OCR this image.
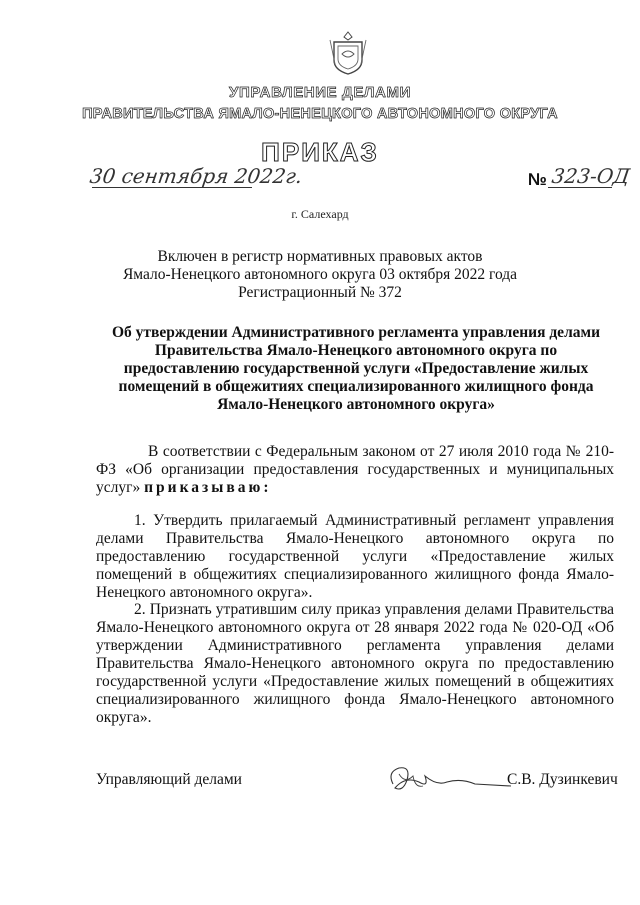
УПРАВЛЕНИЕ ДЕЛАМИ
ПРАВИТЕЛЬСТВА ЯМАЛО-НЕНЕЦКОГО АВТОНОМНОГО ОКРУГА
ПРИКАЗ
30 сентября 2022г.	№ 323-ОД
г. Салехард
Включен в регистр нормативных правовых актов
Ямало-Ненецкого автономного округа 03 октября 2022 года
Регистрационный № 372
Об утверждении Административного регламента управления делами Правительства Ямало-Ненецкого автономного округа по предоставлению государственной услуги «Предоставление жилых помещений в общежитиях специализированного жилищного фонда Ямало-Ненецкого автономного округа»
В соответствии с Федеральным законом от 27 июля 2010 года № 210-ФЗ «Об организации предоставления государственных и муниципальных услуг» приказываю:
1. Утвердить прилагаемый Административный регламент управления делами Правительства Ямало-Ненецкого автономного округа по предоставлению государственной услуги «Предоставление жилых помещений в общежитиях специализированного жилищного фонда Ямало-Ненецкого автономного округа».
2. Признать утратившим силу приказ управления делами Правительства Ямало-Ненецкого автономного округа от 28 января 2022 года № 020-ОД «Об утверждении Административного регламента управления делами Правительства Ямало-Ненецкого автономного округа по предоставлению государственной услуги «Предоставление жилых помещений в общежитиях специализированного жилищного фонда Ямало-Ненецкого автономного округа».
Управляющий делами	С.В. Дузинкевич
